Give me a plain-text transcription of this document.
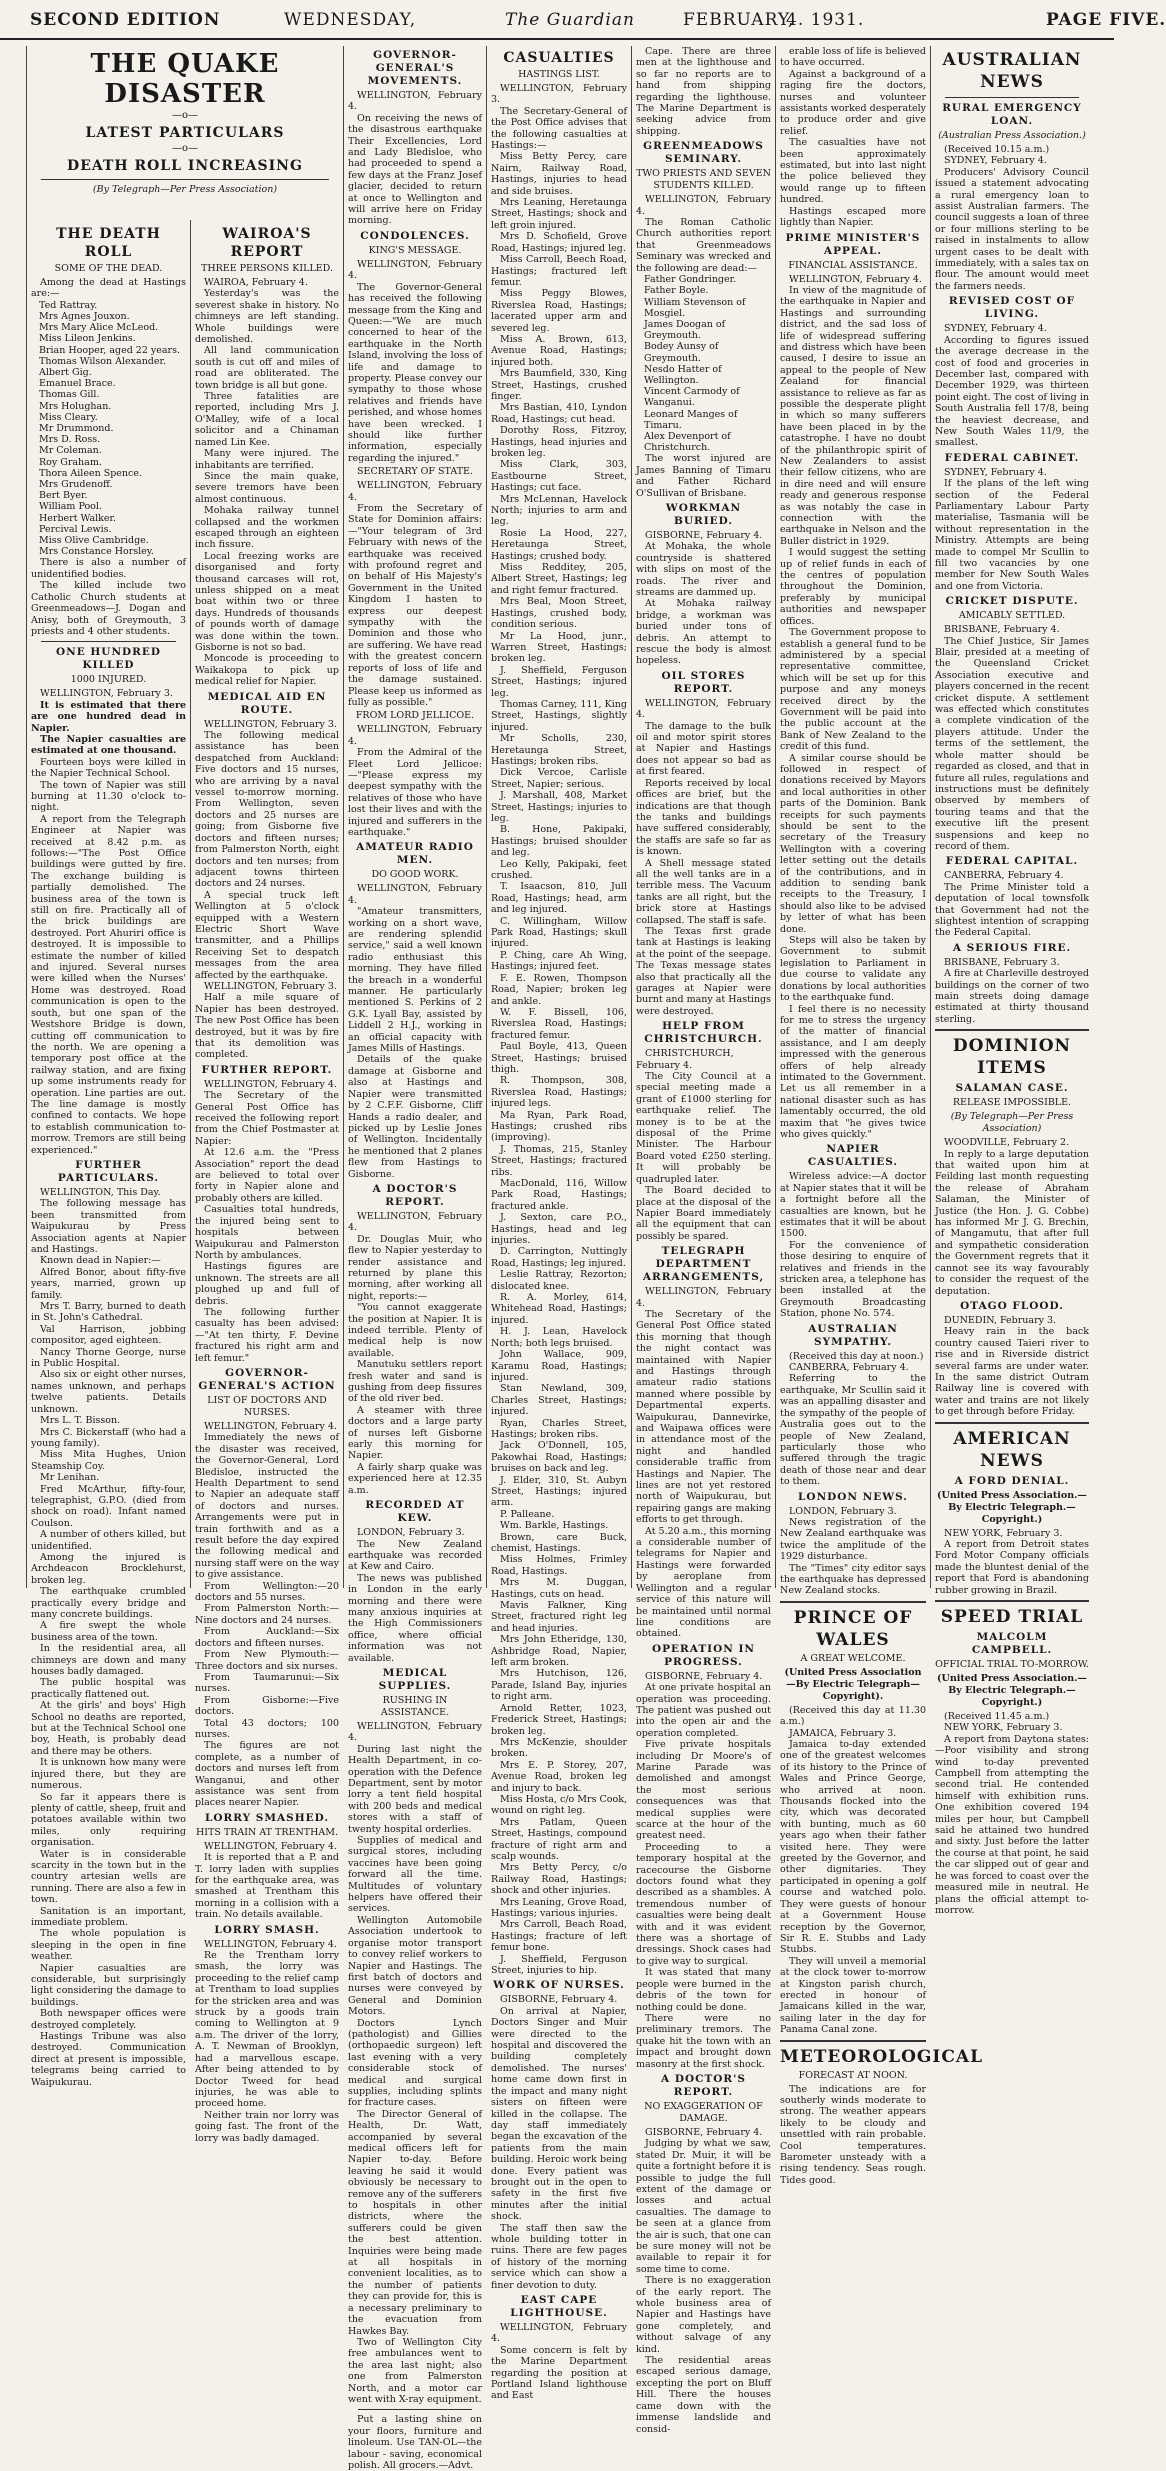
SECOND EDITION	WEDNESDAY,	The Guardian	FEBRUARY,
4. 1931.	PAGE FIVE.
THE QUAKE DISASTER
—o—
LATEST PARTICULARS
—o—
DEATH ROLL INCREASING
(By Telegraph—Per Press Association)
THE DEATH ROLL
SOME OF THE DEAD.

Among the dead at Hastings are:—

Ted Rattray.
Mrs Agnes Jouxon.
Mrs Mary Alice McLeod.
Miss Lileon Jenkins.
Brian Hooper, aged 22 years.
Thomas Wilson Alexander.
Albert Gig.
Emanuel Brace.
Thomas Gill.
Mrs Holughan.
Miss Cleary.
Mr Drummond.
Mrs D. Ross.
Mr Coleman.
Roy Graham.
Thora Aileen Spence.
Mrs Grudenoff.
Bert Byer.
William Pool.
Herbert Walker.
Percival Lewis.
Miss Olive Cambridge.
Mrs Constance Horsley.

There is also a number of unidentified bodies.

The killed include two Catholic Church students at Greenmeadows—J. Dogan and Anisy, both of Greymouth, 3 priests and 4 other students.

ONE HUNDRED KILLED
1000 INJURED.

WELLINGTON, February 3.

It is estimated that there are one hundred dead in Napier.

The Napier casualties are estimated at one thousand.

Fourteen boys were killed in the Napier Technical School.

The town of Napier was still burning at 11.30 o'clock to-night.

A report from the Telegraph Engineer at Napier was received at 8.42 p.m. as follows:—"The Post Office buildings were gutted by fire. The exchange building is partially demolished. The business area of the town is still on fire. Practically all of the brick buildings are destroyed. Port Ahuriri office is destroyed. It is impossible to estimate the number of killed and injured. Several nurses were killed when the Nurses' Home was destroyed. Road communication is open to the south, but one span of the Westshore Bridge is down, cutting off communication to the north. We are opening a temporary post office at the railway station, and are fixing up some instruments ready for operation. Line parties are out. The line damage is mostly confined to contacts. We hope to establish communication to-morrow. Tremors are still being experienced."

FURTHER PARTICULARS.

WELLINGTON, This Day.

The following message has been transmitted from Waipukurau by Press Association agents at Napier and Hastings.

Known dead in Napier:—

Alfred Bonor, about fifty-five years, married, grown up family.

Mrs T. Barry, burned to death in St. John's Cathedral.

Val Harrison, jobbing compositor, aged eighteen.

Nancy Thorne George, nurse in Public Hospital.

Also six or eight other nurses, names unknown, and perhaps twelve patients. Details unknown.

Mrs L. T. Bisson.

Mrs C. Bickerstaff (who had a young family).

Miss Mita Hughes, Union Steamship Coy.

Mr Lenihan.

Fred McArthur, fifty-four, telegraphist, G.P.O. (died from shock on road). Infant named Coulson.

A number of others killed, but unidentified.

Among the injured is Archdeacon Brocklehurst, broken leg.

The earthquake crumbled practically every bridge and many concrete buildings.

A fire swept the whole business area of the town.

In the residential area, all chimneys are down and many houses badly damaged.

The public hospital was practically flattened out.

At the girls' and boys' High School no deaths are reported, but at the Technical School one boy, Heath, is probably dead and there may be others.

It is unknown how many were injured there, but they are numerous.

So far it appears there is plenty of cattle, sheep, fruit and potatoes available within two miles, only requiring organisation.

Water is in considerable scarcity in the town but in the country artesian wells are running. There are also a few in town.

Sanitation is an important, immediate problem.

The whole population is sleeping in the open in fine weather.

Napier casualties are considerable, but surprisingly light considering the damage to buildings.

Both newspaper offices were destroyed completely.

Hastings Tribune was also destroyed. Communication direct at present is impossible, telegrams being carried to Waipukurau.

WAIROA'S REPORT
THREE PERSONS KILLED.

WAIROA, February 4.

Yesterday's was the severest shake in history. No chimneys are left standing. Whole buildings were demolished.

All land communication south is cut off and miles of road are obliterated. The town bridge is all but gone.

Three fatalities are reported, including Mrs J. O'Malley, wife of a local solicitor and a Chinaman named Lin Kee.

Many were injured. The inhabitants are terrified.

Since the main quake, severe tremors have been almost continuous.

Mohaka railway tunnel collapsed and the workmen escaped through an eighteen inch fissure.

Local freezing works are disorganised and forty thousand carcases will rot, unless shipped on a meat boat within two or three days. Hundreds of thousands of pounds worth of damage was done within the town. Gisborne is not so bad.

Moncode is proceeding to Waikakopa to pick up medical relief for Napier.

MEDICAL AID EN ROUTE.

WELLINGTON, February 3.

The following medical assistance has been despatched from Auckland: Five doctors and 15 nurses, who are arriving by a naval vessel to-morrow morning. From Wellington, seven doctors and 25 nurses are going; from Gisborne five doctors and fifteen nurses; from Palmerston North, eight doctors and ten nurses; from adjacent towns thirteen doctors and 24 nurses.

A special truck left Wellington at 5 o'clock equipped with a Western Electric Short Wave transmitter, and a Phillips Receiving Set to despatch messages from the area affected by the earthquake.

WELLINGTON, February 3.

Half a mile square of Napier has been destroyed. The new Post Office has been destroyed, but it was by fire that its demolition was completed.

FURTHER REPORT.

WELLINGTON, February 4.

The Secretary of the General Post Office has received the following report from the Chief Postmaster at Napier:

At 12.6 a.m. the "Press Association" report the dead are believed to total over forty in Napier alone and probably others are killed.

Casualties total hundreds, the injured being sent to hospitals between Waipukurau and Palmerston North by ambulances.

Hastings figures are unknown. The streets are all ploughed up and full of debris.

The following further casualty has been advised:—"At ten thirty, F. Devine fractured his right arm and left femur."

GOVERNOR-GENERAL'S ACTION
LIST OF DOCTORS AND NURSES.

WELLINGTON, February 4.

Immediately the news of the disaster was received, the Governor-General, Lord Bledisloe, instructed the Health Department to send to Napier an adequate staff of doctors and nurses. Arrangements were put in train forthwith and as a result before the day expired the following medical and nursing staff were on the way to give assistance.

From Wellington:—20 doctors and 55 nurses.

From Palmerston North:—Nine doctors and 24 nurses.

From Auckland:—Six doctors and fifteen nurses.

From New Plymouth:—Three doctors and six nurses.

From Taumarunui:—Six nurses.

From Gisborne:—Five doctors.

Total 43 doctors; 100 nurses.

The figures are not complete, as a number of doctors and nurses left from Wanganui, and other assistance was sent from places nearer Napier.

LORRY SMASHED.
HITS TRAIN AT TRENTHAM.

WELLINGTON, February 4.

It is reported that a P. and T. lorry laden with supplies for the earthquake area, was smashed at Trentham this morning in a collision with a train. No details available.

LORRY SMASH.

WELLINGTON, February 4.

Re the Trentham lorry smash, the lorry was proceeding to the relief camp at Trentham to load supplies for the stricken area and was struck by a goods train coming to Wellington at 9 a.m. The driver of the lorry, A. T. Newman of Brooklyn, had a marvellous escape. After being attended to by Doctor Tweed for head injuries, he was able to proceed home.

Neither train nor lorry was going fast. The front of the lorry was badly damaged.

GOVERNOR-GENERAL'S MOVEMENTS.

WELLINGTON, February 4.

On receiving the news of the disastrous earthquake Their Excellencies, Lord and Lady Bledisloe, who had proceeded to spend a few days at the Franz Josef glacier, decided to return at once to Wellington and will arrive here on Friday morning.

CONDOLENCES.
KING'S MESSAGE.

WELLINGTON, February 4.

The Governor-General has received the following message from the King and Queen:—"We are much concerned to hear of the earthquake in the North Island, involving the loss of life and damage to property. Please convey our sympathy to those whose relatives and friends have perished, and whose homes have been wrecked. I should like further information, especially regarding the injured."

SECRETARY OF STATE.

WELLINGTON, February 4.

From the Secretary of State for Dominion affairs:—"Your telegram of 3rd February with news of the earthquake was received with profound regret and on behalf of His Majesty's Government in the United Kingdom I hasten to express our deepest sympathy with the Dominion and those who are suffering. We have read with the greatest concern reports of loss of life and the damage sustained. Please keep us informed as fully as possible."

FROM LORD JELLICOE.

WELLINGTON, February 4.

From the Admiral of the Fleet Lord Jellicoe:—"Please express my deepest sympathy with the relatives of those who have lost their lives and with the injured and sufferers in the earthquake."

AMATEUR RADIO MEN.
DO GOOD WORK.

WELLINGTON, February 4.

"Amateur transmitters, working on a short wave, are rendering splendid service," said a well known radio enthusiast this morning. They have filled the breach in a wonderful manner. He particularly mentioned S. Perkins of 2 G.K. Lyall Bay, assisted by Liddell 2 H.J., working in an official capacity with James Mills of Hastings.

Details of the quake damage at Gisborne and also at Hastings and Napier were transmitted by 2 C.F.F. Gisborne, Cliff Hands a radio dealer, and picked up by Leslie Jones of Wellington. Incidentally he mentioned that 2 planes flew from Hastings to Gisborne.

A DOCTOR'S REPORT.

WELLINGTON, February 4.

Dr. Douglas Muir, who flew to Napier yesterday to render assistance and returned by plane this morning, after working all night, reports:—

"You cannot exaggerate the position at Napier. It is indeed terrible. Plenty of medical help is now available.

Manutuku settlers report fresh water and sand is gushing from deep fissures of the old river bed.

A steamer with three doctors and a large party of nurses left Gisborne early this morning for Napier.

A fairly sharp quake was experienced here at 12.35 a.m.

RECORDED AT KEW.

LONDON, February 3.

The New Zealand earthquake was recorded at Kew and Cairo.

The news was published in London in the early morning and there were many anxious inquiries at the High Commissioners office, where official information was not available.

MEDICAL SUPPLIES.
RUSHING IN ASSISTANCE.

WELLINGTON, February 4.

During last night the Health Department, in co-operation with the Defence Department, sent by motor lorry a tent field hospital with 200 beds and medical stores with a staff of twenty hospital orderlies.

Supplies of medical and surgical stores, including vaccines have been going forward all the time. Multitudes of voluntary helpers have offered their services.

Wellington Automobile Association undertook to organise motor transport to convey relief workers to Napier and Hastings. The first batch of doctors and nurses were conveyed by General and Dominion Motors.

Doctors Lynch (pathologist) and Gillies (orthopaedic surgeon) left last evening with a very considerable stock of medical and surgical supplies, including splints for fracture cases.

The Director General of Health, Dr. Watt, accompanied by several medical officers left for Napier to-day. Before leaving he said it would obviously be necessary to remove any of the sufferers to hospitals in other districts, where the sufferers could be given the best attention. Inquiries were being made at all hospitals in convenient localities, as to the number of patients they can provide for, this is a necessary preliminary to the evacuation from Hawkes Bay.

Two of Wellington City free ambulances went to the area last night; also one from Palmerston North, and a motor car went with X-ray equipment.

Put a lasting shine on your floors, furniture and linoleum. Use TAN-OL—the labour - saving, economical polish. All grocers.—Advt.

CASUALTIES
HASTINGS LIST.

WELLINGTON, February 3.

The Secretary-General of the Post Office advises that the following casualties at Hastings:—

Miss Betty Percy, care Nairn, Railway Road, Hastings, injuries to head and side bruises.

Mrs Leaning, Heretaunga Street, Hastings; shock and left groin injured.

Mrs D. Schofield, Grove Road, Hastings; injured leg.

Miss Carroll, Beech Road, Hastings; fractured left femur.

Miss Peggy Blowes, Riverslea Road, Hastings; lacerated upper arm and severed leg.

Miss A. Brown, 613, Avenue Road, Hastings; injured both.

Mrs Baumfield, 330, King Street, Hastings, crushed finger.

Mrs Bastian, 410, Lyndon Road, Hastings; cut head.

Dorothy Ross, Fitzroy, Hastings, head injuries and broken leg.

Miss Clark, 303, Eastbourne Street, Hastings; cut face.

Mrs McLennan, Havelock North; injuries to arm and leg.

Rosie La Hood, 227, Heretaunga Street, Hastings; crushed body.

Miss Redditey, 205, Albert Street, Hastings; leg and right femur fractured.

Mrs Beal, Moon Street, Hastings, crushed body, condition serious.

Mr La Hood, junr., Warren Street, Hastings; broken leg.

J. Sheffield, Ferguson Street, Hastings; injured leg.

Thomas Carney, 111, King Street, Hastings, slightly injured.

Mr Scholls, 230, Heretaunga Street, Hastings; broken ribs.

Dick Vercoe, Carlisle Street, Napier; serious.

J. Marshall, 408, Market Street, Hastings; injuries to leg.

B. Hone, Pakipaki, Hastings; bruised shoulder and leg.

Leo Kelly, Pakipaki, feet crushed.

T. Isaacson, 810, Jull Road, Hastings; head, arm and leg injured.

C. Willingham, Willow Park Road, Hastings; skull injured.

P. Ching, care Ah Wing, Hastings; injured feet.

F. E. Rowen, Thompson Road, Napier; broken leg and ankle.

W. F. Bissell, 106, Riverslea Road, Hastings; fractured femur.

Paul Boyle, 413, Queen Street, Hastings; bruised thigh.

R. Thompson, 308, Riverslea Road, Hastings; injured legs.

Ma Ryan, Park Road, Hastings; crushed ribs (improving).

J. Thomas, 215, Stanley Street, Hastings; fractured ribs.

MacDonald, 116, Willow Park Road, Hastings; fractured ankle.

J. Sexton, care P.O., Hastings, head and leg injuries.

D. Carrington, Nuttingly Road, Hastings; leg injured.

Leslie Rattray, Rezorton; dislocated knee.

R. A. Morley, 614, Whitehead Road, Hastings; injured.

H. J. Lean, Havelock North; both legs bruised.

John Wallace, 909, Karamu Road, Hastings; injured.

Stan Newland, 309, Charles Street, Hastings; injured.

Ryan, Charles Street, Hastings; broken ribs.

Jack O'Donnell, 105, Pakowhai Road, Hastings; bruises on back and leg.

J. Elder, 310, St. Aubyn Street, Hastings; injured arm.

P. Palleane.

Wm. Barkle, Hastings.

Brown, care Buck, chemist, Hastings.

Miss Holmes, Frimley Road, Hastings.

Mrs M. Duggan, Hastings, cuts on head.

Mavis Falkner, King Street, fractured right leg and head injuries.

Mrs John Etheridge, 130, Ashbridge Road, Napier, left arm broken.

Mrs Hutchison, 126, Parade, Island Bay, injuries to right arm.

Arnold Retter, 1023, Frederick Street, Hastings; broken leg.

Mrs McKenzie, shoulder broken.

Mrs E. P. Storey, 207, Avenue Road, broken leg and injury to back.

Miss Hosta, c/o Mrs Cook, wound on right leg.

Mrs Patlam, Queen Street, Hastings, compound fracture of right arm and scalp wounds.

Mrs Betty Percy, c/o Railway Road, Hastings; shock and other injuries.

Mrs Leaning, Grove Road, Hastings; various injuries.

Mrs Carroll, Beach Road, Hastings; fracture of left femur bone.

J. Sheffield, Ferguson Street, injuries to hip.

WORK OF NURSES.

GISBORNE, February 4.

On arrival at Napier, Doctors Singer and Muir were directed to the hospital and discovered the building completely demolished. The nurses' home came down first in the impact and many night sisters on fifteen were killed in the collapse. The day staff immediately began the excavation of the patients from the main building. Heroic work being done. Every patient was brought out in the open to safety in the first five minutes after the initial shock.

The staff then saw the whole building totter in ruins. There are few pages of history of the morning service which can show a finer devotion to duty.

EAST CAPE LIGHTHOUSE.

WELLINGTON, February 4.

Some concern is felt by the Marine Department regarding the position at Portland Island lighthouse and East

Cape. There are three men at the lighthouse and so far no reports are to hand from shipping regarding the lighthouse. The Marine Department is seeking advice from shipping.

GREENMEADOWS SEMINARY.
TWO PRIESTS AND SEVEN STUDENTS KILLED.

WELLINGTON, February 4.

The Roman Catholic Church authorities report that Greenmeadows Seminary was wrecked and the following are dead:—

Father Gondringer.
Father Boyle.
William Stevenson of Mosgiel.
James Doogan of Greymouth.
Bodey Aunsy of Greymouth.
Nesdo Hatter of Wellington.
Vincent Carmody of Wanganui.
Leonard Manges of Timaru.
Alex Devenport of Christchurch.

The worst injured are James Banning of Timaru and Father Richard O'Sullivan of Brisbane.

WORKMAN BURIED.

GISBORNE, February 4.

At Mohaka, the whole countryside is shattered with slips on most of the roads. The river and streams are dammed up.

At Mohaka railway bridge, a workman was buried under tons of debris. An attempt to rescue the body is almost hopeless.

OIL STORES REPORT.

WELLINGTON, February 4.

The damage to the bulk oil and motor spirit stores at Napier and Hastings does not appear so bad as at first feared.

Reports received by local offices are brief, but the indications are that though the tanks and buildings have suffered considerably, the staffs are safe so far as is known.

A Shell message stated all the well tanks are in a terrible mess. The Vacuum tanks are all right, but the brick store at Hastings collapsed. The staff is safe.

The Texas first grade tank at Hastings is leaking at the point of the seepage. The Texas message states also that practically all the garages at Napier were burnt and many at Hastings were destroyed.

HELP FROM CHRISTCHURCH.

CHRISTCHURCH, February 4.

The City Council at a special meeting made a grant of £1000 sterling for earthquake relief. The money is to be at the disposal of the Prime Minister. The Harbour Board voted £250 sterling. It will probably be quadrupled later.

The Board decided to place at the disposal of the Napier Board immediately all the equipment that can possibly be spared.

TELEGRAPH DEPARTMENT ARRANGEMENTS,

WELLINGTON, February 4.

The Secretary of the General Post Office stated this morning that though the night contact was maintained with Napier and Hastings through amateur radio stations manned where possible by Departmental experts. Waipukurau, Dannevirke, and Waipawa offices were in attendance most of the night and handled considerable traffic from Hastings and Napier. The lines are not yet restored north of Waipukurau, but repairing gangs are making efforts to get through.

At 5.20 a.m., this morning a considerable number of telegrams for Napier and Hastings were forwarded by aeroplane from Wellington and a regular service of this nature will be maintained until normal line conditions are obtained.

OPERATION IN PROGRESS.

GISBORNE, February 4.

At one private hospital an operation was proceeding. The patient was pushed out into the open air and the operation completed.

Five private hospitals including Dr Moore's of Marine Parade was demolished and amongst the most serious consequences was that medical supplies were scarce at the hour of the greatest need.

Proceeding to a temporary hospital at the racecourse the Gisborne doctors found what they described as a shambles. A tremendous number of casualties were being dealt with and it was evident there was a shortage of dressings. Shock cases had to give way to surgical.

It was stated that many people were burned in the debris of the town for nothing could be done.

There were no preliminary tremors. The quake hit the town with an impact and brought down masonry at the first shock.

A DOCTOR'S REPORT.
NO EXAGGERATION OF DAMAGE.

GISBORNE, February 4.

Judging by what we saw, stated Dr. Muir, it will be quite a fortnight before it is possible to judge the full extent of the damage or losses and actual casualties. The damage to be seen at a glance from the air is such, that one can be sure money will not be available to repair it for some time to come.

There is no exaggeration of the early report. The whole business area of Napier and Hastings have gone completely, and without salvage of any kind.

The residential areas escaped serious damage, excepting the port on Bluff Hill. There the houses came down with the immense landslide and consid-

erable loss of life is believed to have occurred.

Against a background of a raging fire the doctors, nurses and volunteer assistants worked desperately to produce order and give relief.

The casualties have not been approximately estimated, but into last night the police believed they would range up to fifteen hundred.

Hastings escaped more lightly than Napier.

PRIME MINISTER'S APPEAL.
FINANCIAL ASSISTANCE.

WELLINGTON, February 4.

In view of the magnitude of the earthquake in Napier and Hastings and surrounding district, and the sad loss of life of widespread suffering and distress which have been caused, I desire to issue an appeal to the people of New Zealand for financial assistance to relieve as far as possible the desperate plight in which so many sufferers have been placed in by the catastrophe. I have no doubt of the philanthropic spirit of New Zealanders to assist their fellow citizens, who are in dire need and will ensure ready and generous response as was notably the case in connection with the earthquake in Nelson and the Buller district in 1929.

I would suggest the setting up of relief funds in each of the centres of population throughout the Dominion, preferably by municipal authorities and newspaper offices.

The Government propose to establish a general fund to be administered by a special representative committee, which will be set up for this purpose and any moneys received direct by the Government will be paid into the public account at the Bank of New Zealand to the credit of this fund.

A similar course should be followed in respect of donations received by Mayors and local authorities in other parts of the Dominion. Bank receipts for such payments should be sent to the secretary of the Treasury Wellington with a covering letter setting out the details of the contributions, and in addition to sending bank receipts to the Treasury, I should also like to be advised by letter of what has been done.

Steps will also be taken by Government to submit legislation to Parliament in due course to validate any donations by local authorities to the earthquake fund.

I feel there is no necessity for me to stress the urgency of the matter of financial assistance, and I am deeply impressed with the generous offers of help already intimated to the Government. Let us all remember in a national disaster such as has lamentably occurred, the old maxim that "he gives twice who gives quickly."

NAPIER CASUALTIES.

Wireless advice:—A doctor at Napier states that it will be a fortnight before all the casualties are known, but he estimates that it will be about 1500.

For the convenience of those desiring to enquire of relatives and friends in the stricken area, a telephone has been installed at the Greymouth Broadcasting Station, phone No. 574.

AUSTRALIAN SYMPATHY.

(Received this day at noon.)

CANBERRA, February 4.

Referring to the earthquake, Mr Scullin said it was an appalling disaster and the sympathy of the people of Australia goes out to the people of New Zealand, particularly those who suffered through the tragic death of those near and dear to them.

LONDON NEWS.

LONDON, February 3.

News registration of the New Zealand earthquake was twice the amplitude of the 1929 disturbance.

The "Times" city editor says the earthquake has depressed New Zealand stocks.

PRINCE OF WALES
A GREAT WELCOME.
(United Press Association—By Electric Telegraph—Copyright).

(Received this day at 11.30 a.m.)

JAMAICA, February 3.

Jamaica to-day extended one of the greatest welcomes of its history to the Prince of Wales and Prince George, who arrived at noon. Thousands flocked into the city, which was decorated with bunting, much as 60 years ago when their father visited here. They were greeted by the Governor, and other dignitaries. They participated in opening a golf course and watched polo. They were guests of honour at a Government House reception by the Governor, Sir R. E. Stubbs and Lady Stubbs.

They will unveil a memorial at the clock tower to-morrow at Kingston parish church, erected in honour of Jamaicans killed in the war, sailing later in the day for Panama Canal zone.

METEOROLOGICAL
FORECAST AT NOON.

The indications are for southerly winds moderate to strong. The weather appears likely to be cloudy and unsettled with rain probable. Cool temperatures. Barometer unsteady with a rising tendency. Seas rough. Tides good.

AUSTRALIAN NEWS
RURAL EMERGENCY LOAN.
(Australian Press Association.)

(Received 10.15 a.m.)

SYDNEY, February 4.

Producers' Advisory Council issued a statement advocating a rural emergency loan to assist Australian farmers. The council suggests a loan of three or four millions sterling to be raised in instalments to allow urgent cases to be dealt with immediately, with a sales tax on flour. The amount would meet the farmers needs.

REVISED COST OF LIVING.

SYDNEY, February 4.

According to figures issued the average decrease in the cost of food and groceries in December last, compared with December 1929, was thirteen point eight. The cost of living in South Australia fell 17/8, being the heaviest decrease, and New South Wales 11/9, the smallest.

FEDERAL CABINET.

SYDNEY, February 4.

If the plans of the left wing section of the Federal Parliamentary Labour Party materialise, Tasmania will be without representation in the Ministry. Attempts are being made to compel Mr Scullin to fill two vacancies by one member for New South Wales and one from Victoria.

CRICKET DISPUTE.
AMICABLY SETTLED.

BRISBANE, February 4.

The Chief Justice, Sir James Blair, presided at a meeting of the Queensland Cricket Association executive and players concerned in the recent cricket dispute. A settlement was effected which constitutes a complete vindication of the players attitude. Under the terms of the settlement, the whole matter should be regarded as closed, and that in future all rules, regulations and instructions must be definitely observed by members of touring teams and that the executive lift the present suspensions and keep no record of them.

FEDERAL CAPITAL.

CANBERRA, February 4.

The Prime Minister told a deputation of local townsfolk that Government had not the slightest intention of scrapping the Federal Capital.

A SERIOUS FIRE.

BRISBANE, February 3.

A fire at Charleville destroyed buildings on the corner of two main streets doing damage estimated at thirty thousand sterling.

DOMINION ITEMS
SALAMAN CASE.
RELEASE IMPOSSIBLE.
(By Telegraph—Per Press Association)

WOODVILLE, February 2.

In reply to a large deputation that waited upon him at Feilding last month requesting the release of Abraham Salaman, the Minister of Justice (the Hon. J. G. Cobbe) has informed Mr J. G. Brechin, of Mangamutu, that after full and sympathetic consideration the Government regrets that it cannot see its way favourably to consider the request of the deputation.

OTAGO FLOOD.

DUNEDIN, February 3.

Heavy rain in the back country caused Taieri river to rise and in Riverside district several farms are under water. In the same district Outram Railway line is covered with water and trains are not likely to get through before Friday.

AMERICAN NEWS
A FORD DENIAL.
(United Press Association.—By Electric Telegraph.—Copyright.)

NEW YORK, February 3.

A report from Detroit states Ford Motor Company officials made the bluntest denial of the report that Ford is abandoning rubber growing in Brazil.

SPEED TRIAL
MALCOLM CAMPBELL.
OFFICIAL TRIAL TO-MORROW.
(United Press Association.—By Electric Telegraph.—Copyright.)

(Received 11.45 a.m.)

NEW YORK, February 3.

A report from Daytona states:—Poor visibility and strong wind to-day prevented Campbell from attempting the second trial. He contended himself with exhibition runs. One exhibition covered 194 miles per hour, but Campbell said he attained two hundred and sixty. Just before the latter the course at that point, he said the car slipped out of gear and he was forced to coast over the measured mile in neutral. He plans the official attempt to-morrow.
